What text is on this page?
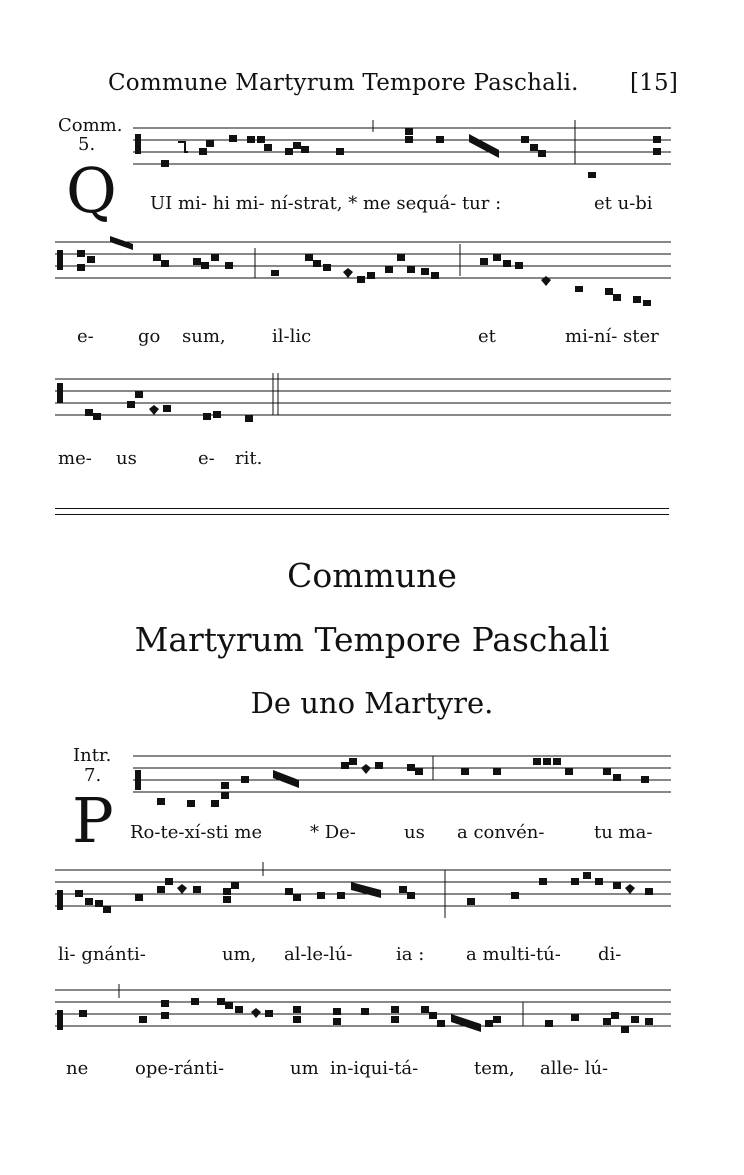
Commune Martyrum Tempore Paschali. [15]
Comm.
5.
Q UI mi- hi mi- ní-strat, * me sequá- tur :	et u-bi
e- go sum,	il-lic	et	mi-ní- ster
me- us	e- rit.
Commune
Martyrum Tempore Paschali
De uno Martyre.
Intr.
7.
P Ro-te-xí-sti me	* De-	us a convén-	tu ma-
li- gnánti-	um, al-le-lú- ia : a multi-tú- di-
ne	ope-ránti-	um in-iqui-tá-	tem, alle- lú-
